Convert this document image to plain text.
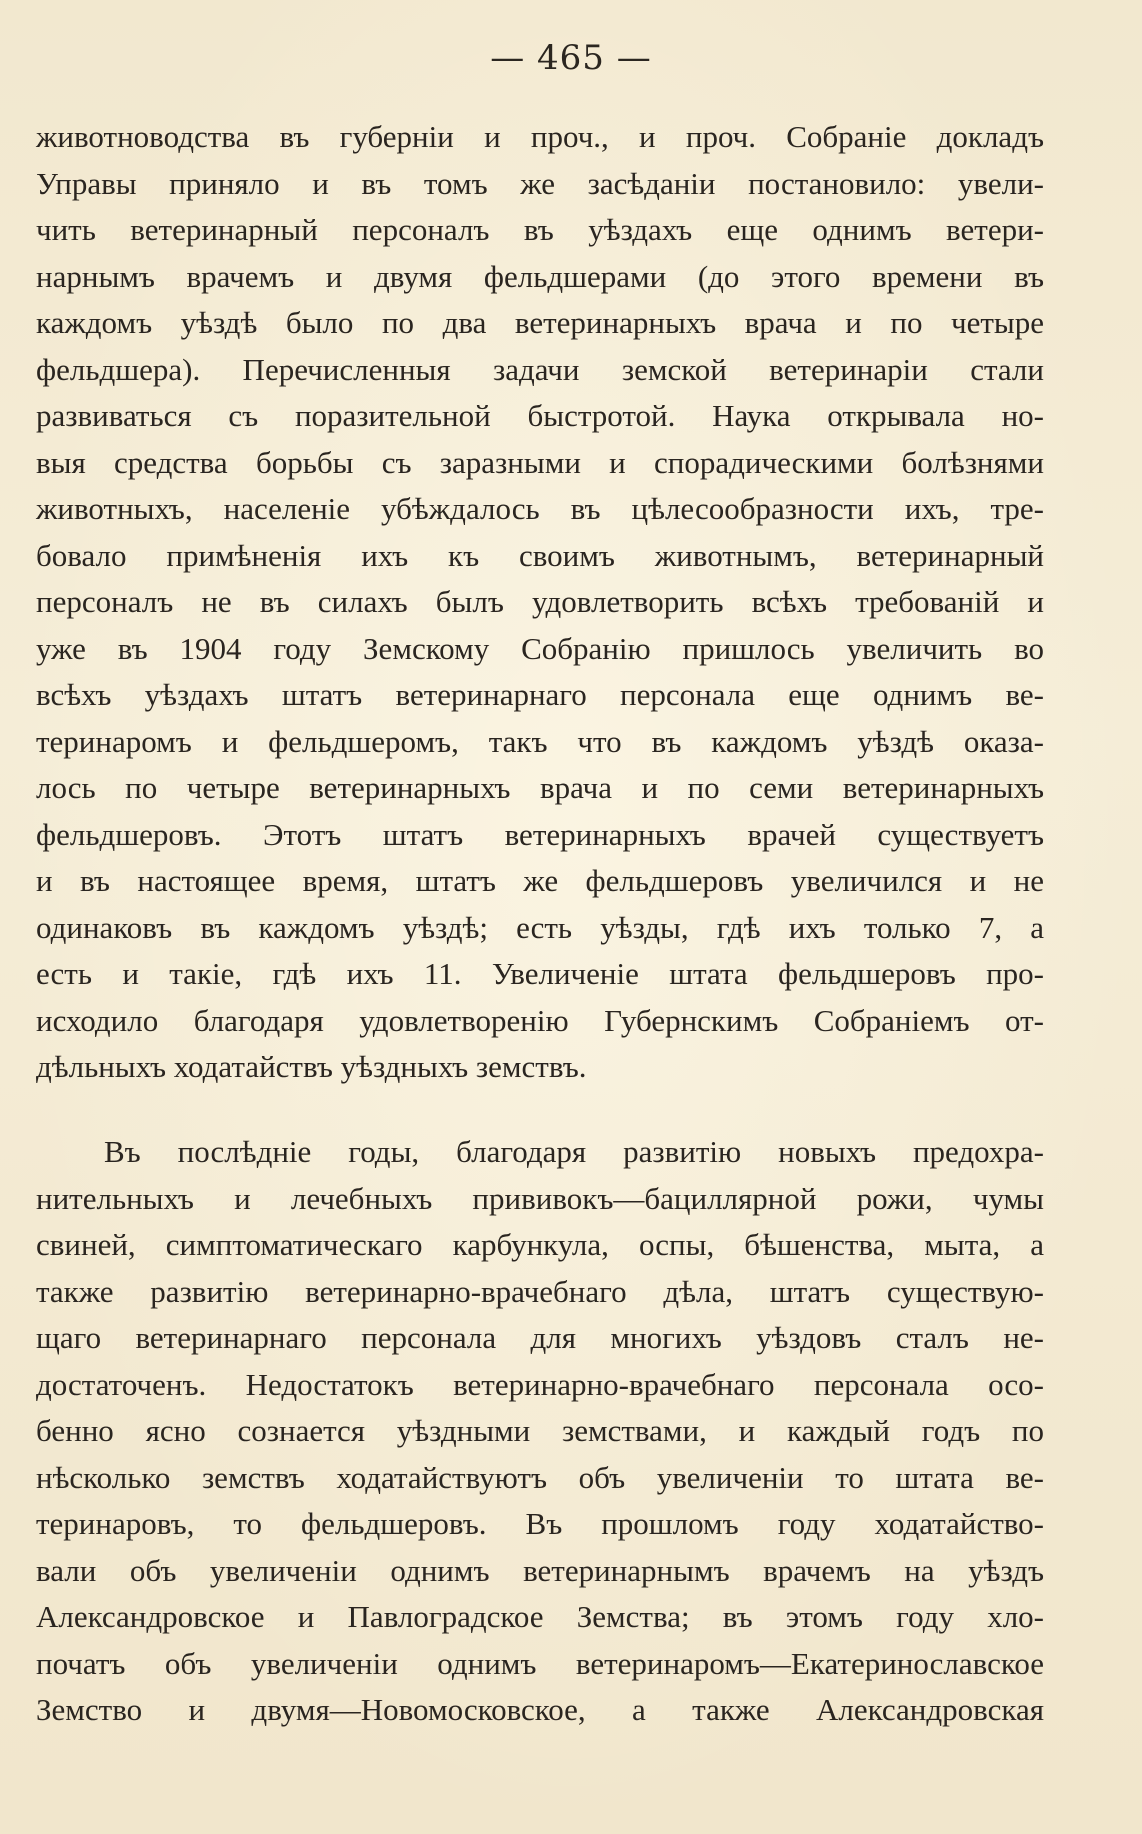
— 465 —
животноводства въ губерніи и проч., и проч. Собраніе докладъ
Управы приняло и въ томъ же засѣданіи постановило: увели-
чить ветеринарный персоналъ въ уѣздахъ еще однимъ ветери-
нарнымъ врачемъ и двумя фельдшерами (до этого времени въ
каждомъ уѣздѣ было по два ветеринарныхъ врача и по четыре
фельдшера). Перечисленныя задачи земской ветеринаріи стали
развиваться съ поразительной быстротой. Наука открывала но-
выя средства борьбы съ заразными и спорадическими болѣзнями
животныхъ, населеніе убѣждалось въ цѣлесообразности ихъ, тре-
бовало примѣненія ихъ къ своимъ животнымъ, ветеринарный
персоналъ не въ силахъ былъ удовлетворить всѣхъ требованій и
уже въ 1904 году Земскому Собранію пришлось увеличить во
всѣхъ уѣздахъ штатъ ветеринарнаго персонала еще однимъ ве-
теринаромъ и фельдшеромъ, такъ что въ каждомъ уѣздѣ оказа-
лось по четыре ветеринарныхъ врача и по семи ветеринарныхъ
фельдшеровъ. Этотъ штатъ ветеринарныхъ врачей существуетъ
и въ настоящее время, штатъ же фельдшеровъ увеличился и не
одинаковъ въ каждомъ уѣздѣ; есть уѣзды, гдѣ ихъ только 7, а
есть и такіе, гдѣ ихъ 11. Увеличеніе штата фельдшеровъ про-
исходило благодаря удовлетворенію Губернскимъ Собраніемъ от-
дѣльныхъ ходатайствъ уѣздныхъ земствъ.
Въ послѣдніе годы, благодаря развитію новыхъ предохра-
нительныхъ и лечебныхъ прививокъ—бациллярной рожи, чумы
свиней, симптоматическаго карбункула, оспы, бѣшенства, мыта, а
также развитію ветеринарно-врачебнаго дѣла, штатъ существую-
щаго ветеринарнаго персонала для многихъ уѣздовъ сталъ не-
достаточенъ. Недостатокъ ветеринарно-врачебнаго персонала осо-
бенно ясно сознается уѣздными земствами, и каждый годъ по
нѣсколько земствъ ходатайствуютъ объ увеличеніи то штата ве-
теринаровъ, то фельдшеровъ. Въ прошломъ году ходатайство-
вали объ увеличеніи однимъ ветеринарнымъ врачемъ на уѣздъ
Александровское и Павлоградское Земства; въ этомъ году хло-
початъ объ увеличеніи однимъ ветеринаромъ—Екатеринославское
Земство и двумя—Новомосковское, а также Александровская
